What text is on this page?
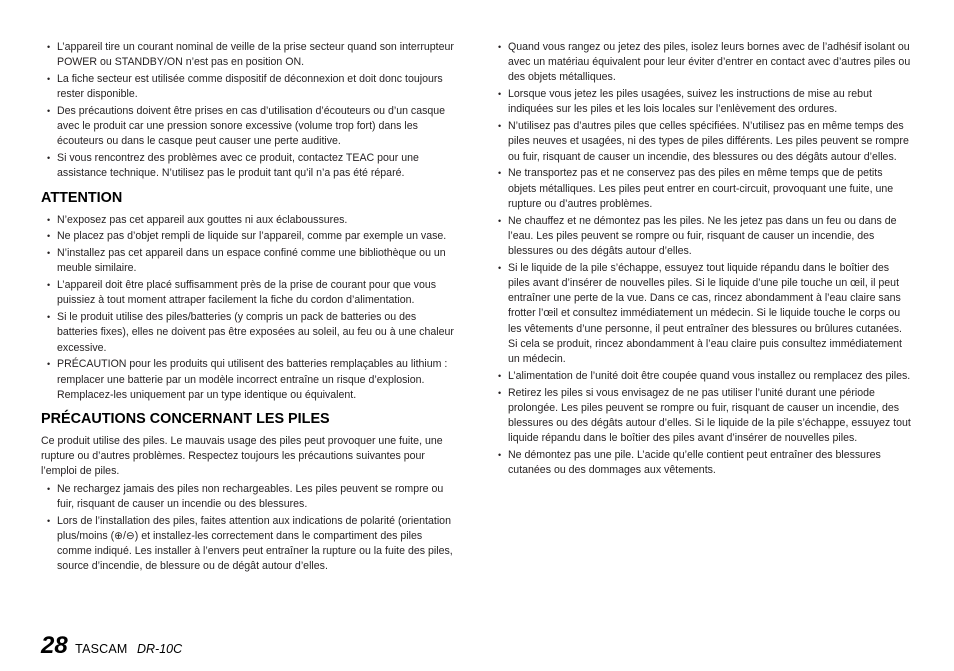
• L’appareil tire un courant nominal de veille de la prise secteur quand son interrupteur POWER ou STANDBY/ON n’est pas en position ON.
• La fiche secteur est utilisée comme dispositif de déconnexion et doit donc toujours rester disponible.
• Des précautions doivent être prises en cas d’utilisation d’écouteurs ou d’un casque avec le produit car une pression sonore excessive (volume trop fort) dans les écouteurs ou dans le casque peut causer une perte auditive.
• Si vous rencontrez des problèmes avec ce produit, contactez TEAC pour une assistance technique. N’utilisez pas le produit tant qu’il n’a pas été réparé.
ATTENTION
• N’exposez pas cet appareil aux gouttes ni aux éclaboussures.
• Ne placez pas d’objet rempli de liquide sur l’appareil, comme par exemple un vase.
• N’installez pas cet appareil dans un espace confiné comme une bibliothèque ou un meuble similaire.
• L’appareil doit être placé suffisamment près de la prise de courant pour que vous puissiez à tout moment attraper facilement la fiche du cordon d’alimentation.
• Si le produit utilise des piles/batteries (y compris un pack de batteries ou des batteries fixes), elles ne doivent pas être exposées au soleil, au feu ou à une chaleur excessive.
• PRÉCAUTION pour les produits qui utilisent des batteries remplaçables au lithium : remplacer une batterie par un modèle incorrect entraîne un risque d’explosion. Remplacez-les uniquement par un type identique ou équivalent.
PRÉCAUTIONS CONCERNANT LES PILES

Ce produit utilise des piles. Le mauvais usage des piles peut provoquer une fuite, une rupture ou d’autres problèmes. Respectez toujours les précautions suivantes pour l’emploi de piles.

• Ne rechargez jamais des piles non rechargeables. Les piles peuvent se rompre ou fuir, risquant de causer un incendie ou des blessures.
• Lors de l’installation des piles, faites attention aux indications de polarité (orientation plus/moins (⊕/⊖) et installez-les correctement dans le compartiment des piles comme indiqué. Les installer à l’envers peut entraîner la rupture ou la fuite des piles, source d’incendie, de blessure ou de dégât autour d’elles.
• Quand vous rangez ou jetez des piles, isolez leurs bornes avec de l’adhésif isolant ou avec un matériau équivalent pour leur éviter d’entrer en contact avec d’autres piles ou des objets métalliques.
• Lorsque vous jetez les piles usagées, suivez les instructions de mise au rebut indiquées sur les piles et les lois locales sur l’enlèvement des ordures.
• N’utilisez pas d’autres piles que celles spécifiées. N’utilisez pas en même temps des piles neuves et usagées, ni des types de piles différents. Les piles peuvent se rompre ou fuir, risquant de causer un incendie, des blessures ou des dégâts autour d’elles.
• Ne transportez pas et ne conservez pas des piles en même temps que de petits objets métalliques. Les piles peut entrer en court-circuit, provoquant une fuite, une rupture ou d’autres problèmes.
• Ne chauffez et ne démontez pas les piles. Ne les jetez pas dans un feu ou dans de l’eau. Les piles peuvent se rompre ou fuir, risquant de causer un incendie, des blessures ou des dégâts autour d’elles.
• Si le liquide de la pile s’échappe, essuyez tout liquide répandu dans le boîtier des piles avant d’insérer de nouvelles piles. Si le liquide d’une pile touche un œil, il peut entraîner une perte de la vue. Dans ce cas, rincez abondamment à l’eau claire sans frotter l’œil et consultez immédiatement un médecin. Si le liquide touche le corps ou les vêtements d’une personne, il peut entraîner des blessures ou brûlures cutanées. Si cela se produit, rincez abondamment à l’eau claire puis consultez immédiatement un médecin.
• L’alimentation de l’unité doit être coupée quand vous installez ou remplacez des piles.
• Retirez les piles si vous envisagez de ne pas utiliser l’unité durant une période prolongée. Les piles peuvent se rompre ou fuir, risquant de causer un incendie, des blessures ou des dégâts autour d’elles. Si le liquide de la pile s’échappe, essuyez tout liquide répandu dans le boîtier des piles avant d’insérer de nouvelles piles.
• Ne démontez pas une pile. L’acide qu’elle contient peut entraîner des blessures cutanées ou des dommages aux vêtements.
28 TASCAM DR-10C
